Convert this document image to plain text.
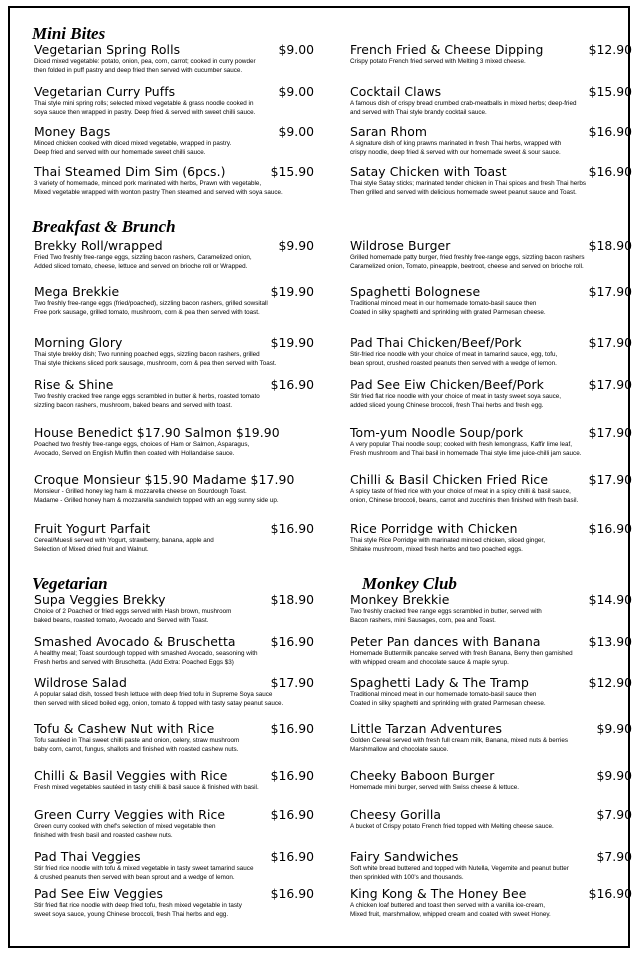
Mini Bites
Breakfast & Brunch
Vegetarian	Monkey Club
Vegetarian Spring Rolls	$9.00
Diced mixed vegetable: potato, onion, pea, corn, carrot; cooked in curry powder
then folded in puff pastry and deep fried then served with cucumber sauce.
Vegetarian Curry Puffs	$9.00
Thai style mini spring rolls; selected mixed vegetable & grass noodle cooked in
soya sauce then wrapped in pastry. Deep fried & served with sweet chilli sauce.
Money Bags	$9.00
Minced chicken cooked with diced mixed vegetable, wrapped in pastry.
Deep fried and served with our homemade sweet chilli sauce.
Thai Steamed Dim Sim (6pcs.)	$15.90
3 variety of homemade, minced pork marinated with herbs, Prawn with vegetable,
Mixed vegetable wrapped with wonton pastry Then steamed and served with soya sauce.
Brekky Roll/wrapped	$9.90
Fried Two freshly free-range eggs, sizzling bacon rashers, Caramelized onion,
Added sliced tomato, cheese, lettuce and served on brioche roll or Wrapped.
Mega Brekkie	$19.90
Two freshly free-range eggs (fried/poached), sizzling bacon rashers, grilled sowsitall
Free pork sausage, grilled tomato, mushroom, corn & pea then served with toast.
Morning Glory	$19.90
Thai style brekky dish; Two running poached eggs, sizzling bacon rashers, grilled
Thai style thickens sliced pork sausage, mushroom, corn & pea then served with Toast.
Rise & Shine	$16.90
Two freshly cracked free range eggs scrambled in butter & herbs, roasted tomato
sizzling bacon rashers, mushroom, baked beans and served with toast.
House Benedict $17.90 Salmon $19.90
Poached two freshly free-range eggs, choices of Ham or Salmon, Asparagus,
Avocado, Served on English Muffin then coated with Hollandaise sauce.
Croque Monsieur $15.90 Madame $17.90
Monsieur - Grilled honey leg ham & mozzarella cheese on Sourdough Toast.
Madame - Grilled honey ham & mozzarella sandwich topped with an egg sunny side up.
Fruit Yogurt Parfait	$16.90
Cereal/Muesli served with Yogurt, strawberry, banana, apple and
Selection of Mixed dried fruit and Walnut.
Supa Veggies Brekky	$18.90
Choice of 2 Poached or fried eggs served with Hash brown, mushroom
baked beans, roasted tomato, Avocado and Served with Toast.
Smashed Avocado & Bruschetta	$16.90
A healthy meal; Toast sourdough topped with smashed Avocado, seasoning with
Fresh herbs and served with Bruschetta. (Add Extra: Poached Eggs $3)
Wildrose Salad	$17.90
A popular salad dish, tossed fresh lettuce with deep fried tofu in Supreme Soya sauce
then served with sliced boiled egg, onion, tomato & topped with tasty satay peanut sauce.
Tofu & Cashew Nut with Rice	$16.90
Tofu sautéed in Thai sweet chilli paste and onion, celery, straw mushroom
baby corn, carrot, fungus, shallots and finished with roasted cashew nuts.
Chilli & Basil Veggies with Rice	$16.90
Fresh mixed vegetables sautéed in tasty chilli & basil sauce & finished with basil.
Green Curry Veggies with Rice	$16.90
Green curry cooked with chef's selection of mixed vegetable then
finished with fresh basil and roasted cashew nuts.
Pad Thai Veggies	$16.90
Stir fried rice noodle with tofu & mixed vegetable in tasty sweet tamarind sauce
& crushed peanuts then served with bean sprout and a wedge of lemon.
Pad See Eiw Veggies	$16.90
Stir fried flat rice noodle with deep fried tofu, fresh mixed vegetable in tasty
sweet soya sauce, young Chinese broccoli, fresh Thai herbs and egg.
French Fried & Cheese Dipping	$12.90
Crispy potato French fried served with Melting 3 mixed cheese.
Cocktail Claws	$15.90
A famous dish of crispy bread crumbed crab-meatballs in mixed herbs; deep-fried
and served with Thai style brandy cocktail sauce.
Saran Rhom	$16.90
A signature dish of king prawns marinated in fresh Thai herbs, wrapped with
crispy noodle, deep fried & served with our homemade sweet & sour sauce.
Satay Chicken with Toast	$16.90
Thai style Satay sticks; marinated tender chicken in Thai spices and fresh Thai herbs
Then grilled and served with delicious homemade sweet peanut sauce and Toast.
Wildrose Burger	$18.90
Grilled homemade patty burger, fried freshly free-range eggs, sizzling bacon rashers
Caramelized onion, Tomato, pineapple, beetroot, cheese and served on brioche roll.
Spaghetti Bolognese	$17.90
Traditional minced meat in our homemade tomato-basil sauce then
Coated in silky spaghetti and sprinkling with grated Parmesan cheese.
Pad Thai Chicken/Beef/Pork	$17.90
Stir-fried rice noodle with your choice of meat in tamarind sauce, egg, tofu,
bean sprout, crushed roasted peanuts then served with a wedge of lemon.
Pad See Eiw Chicken/Beef/Pork	$17.90
Stir fried flat rice noodle with your choice of meat in tasty sweet soya sauce,
added sliced young Chinese broccoli, fresh Thai herbs and fresh egg.
Tom-yum Noodle Soup/pork	$17.90
A very popular Thai noodle soup; cooked with fresh lemongrass, Kaffir lime leaf,
Fresh mushroom and Thai basil in homemade Thai style lime juice-chilli jam sauce.
Chilli & Basil Chicken Fried Rice	$17.90
A spicy taste of fried rice with your choice of meat in a spicy chilli & basil sauce,
onion, Chinese broccoli, beans, carrot and zucchinis then finished with fresh basil.
Rice Porridge with Chicken	$16.90
Thai style Rice Porridge with marinated minced chicken, sliced ginger,
Shitake mushroom, mixed fresh herbs and two poached eggs.
Monkey Brekkie	$14.90
Two freshly cracked free range eggs scrambled in butter, served with
Bacon rashers, mini Sausages, corn, pea and Toast.
Peter Pan dances with Banana	$13.90
Homemade Buttermilk pancake served with fresh Banana, Berry then garnished
with whipped cream and chocolate sauce & maple syrup.
Spaghetti Lady & The Tramp	$12.90
Traditional minced meat in our homemade tomato-basil sauce then
Coated in silky spaghetti and sprinkling with grated Parmesan cheese.
Little Tarzan Adventures	$9.90
Golden Cereal served with fresh full cream milk, Banana, mixed nuts & berries
Marshmallow and chocolate sauce.
Cheeky Baboon Burger	$9.90
Homemade mini burger, served with Swiss cheese & lettuce.
Cheesy Gorilla	$7.90
A bucket of Crispy potato French fried topped with Melting cheese sauce.
Fairy Sandwiches	$7.90
Soft white bread buttered and topped with Nutella, Vegemite and peanut butter
then sprinkled with 100's and thousands.
King Kong & The Honey Bee	$16.90
A chicken loaf buttered and toast then served with a vanilla ice-cream,
Mixed fruit, marshmallow, whipped cream and coated with sweet Honey.
